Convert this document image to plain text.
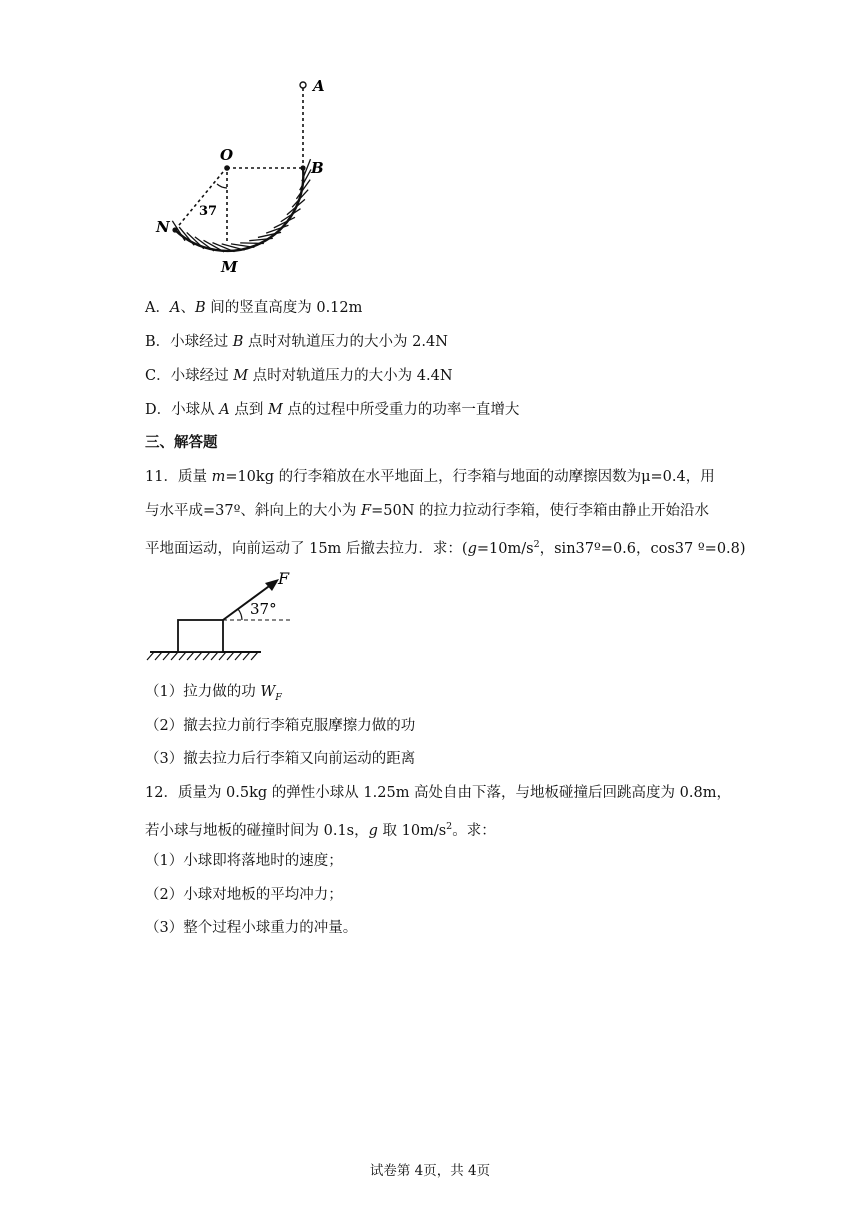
A
O
B
N
M
37
A．A、B 间的竖直高度为 0.12m
B．小球经过 B 点时对轨道压力的大小为 2.4N
C．小球经过 M 点时对轨道压力的大小为 4.4N
D．小球从 A 点到 M 点的过程中所受重力的功率一直增大
三、解答题
11．质量 m=10kg 的行李箱放在水平地面上，行李箱与地面的动摩擦因数为μ=0.4，用
与水平成=37º、斜向上的大小为 F=50N 的拉力拉动行李箱，使行李箱由静止开始沿水
平地面运动，向前运动了 15m 后撤去拉力．求：($g=10m/s^2$，sin37º=0.6，cos37 º=0.8)
F
37°
（1）拉力做的功 $W_F$
（2）撤去拉力前行李箱克服摩擦力做的功
（3）撤去拉力后行李箱又向前运动的距离
12．质量为 0.5kg 的弹性小球从 1.25m 高处自由下落，与地板碰撞后回跳高度为 0.8m，
若小球与地板的碰撞时间为 0.1s，g 取 $10m/s^2$。求：
（1）小球即将落地时的速度；
（2）小球对地板的平均冲力；
（3）整个过程小球重力的冲量。
试卷第 4页，共 4页
